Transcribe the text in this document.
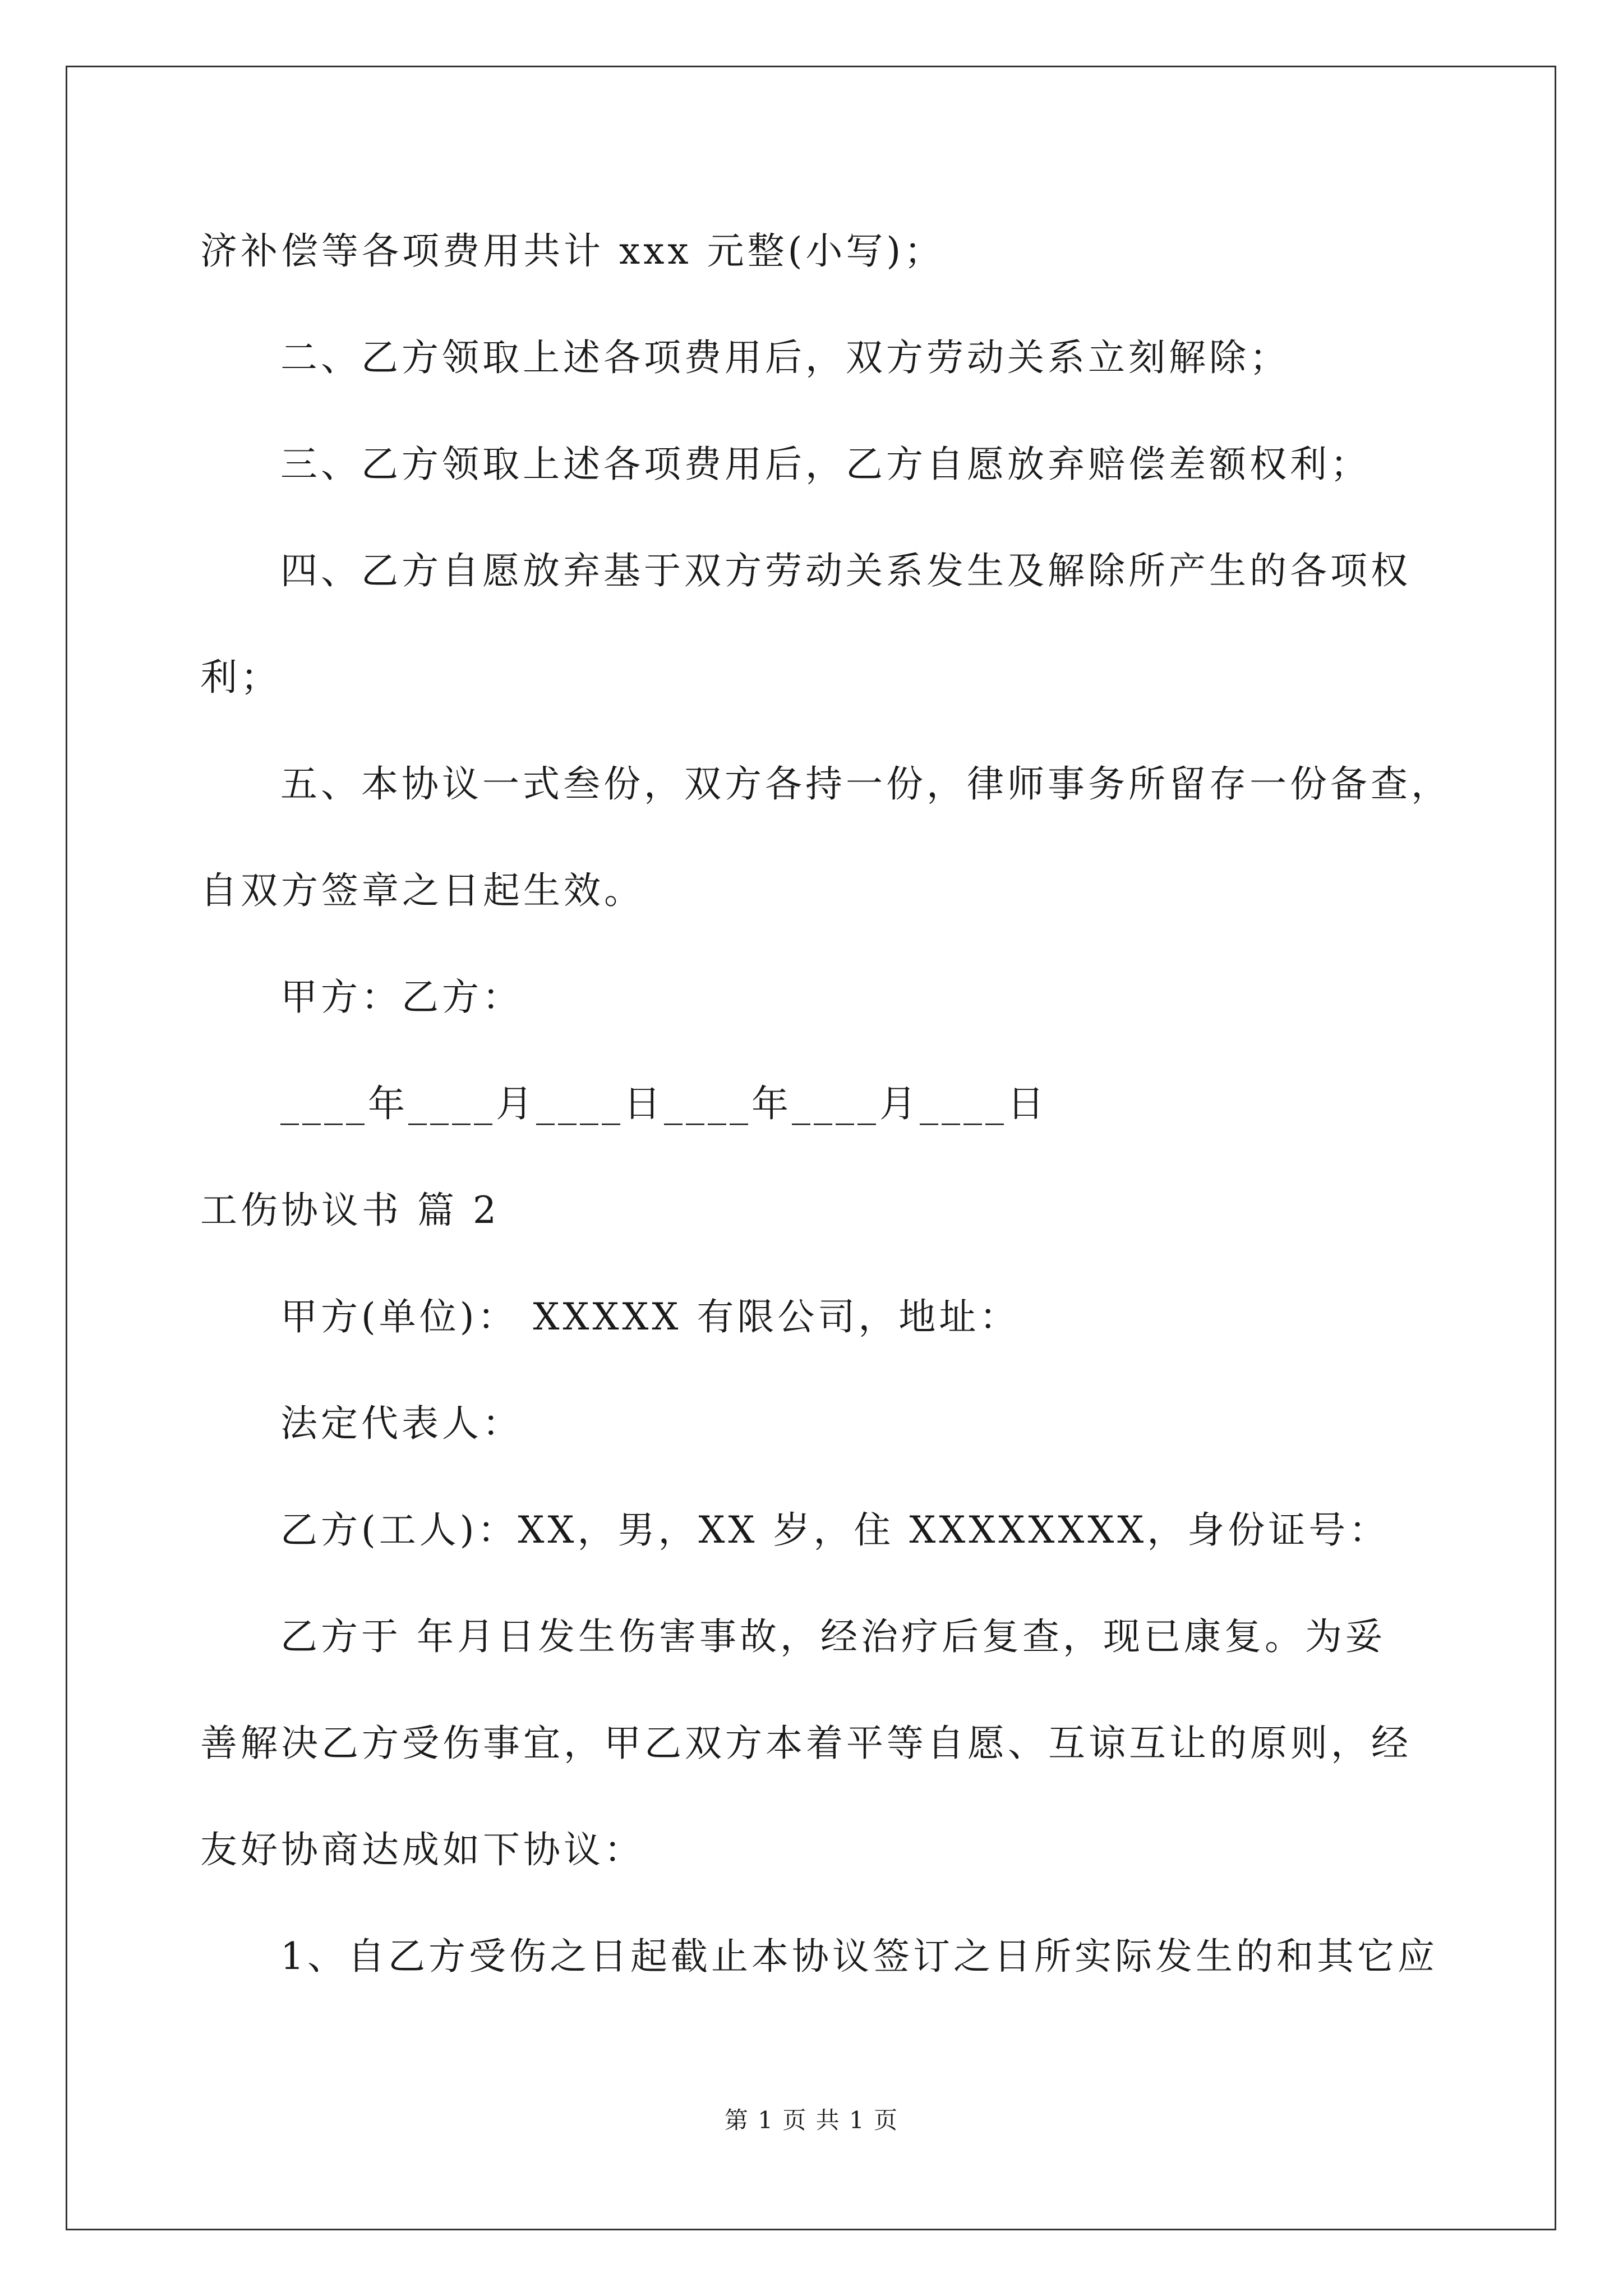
济补偿等各项费用共计 xxx 元整(小写)；
二、乙方领取上述各项费用后，双方劳动关系立刻解除；
三、乙方领取上述各项费用后，乙方自愿放弃赔偿差额权利；
四、乙方自愿放弃基于双方劳动关系发生及解除所产生的各项权
利；
五、本协议一式叁份，双方各持一份，律师事务所留存一份备查，
自双方签章之日起生效。
甲方：乙方：
____年____月____日____年____月____日
工伤协议书 篇 2
甲方(单位)： XXXXX 有限公司，地址：
法定代表人：
乙方(工人)：XX，男，XX 岁，住 XXXXXXXX，身份证号：
乙方于 年月日发生伤害事故，经治疗后复查，现已康复。为妥
善解决乙方受伤事宜，甲乙双方本着平等自愿、互谅互让的原则，经
友好协商达成如下协议：
1、自乙方受伤之日起截止本协议签订之日所实际发生的和其它应
第 1 页 共 1 页
